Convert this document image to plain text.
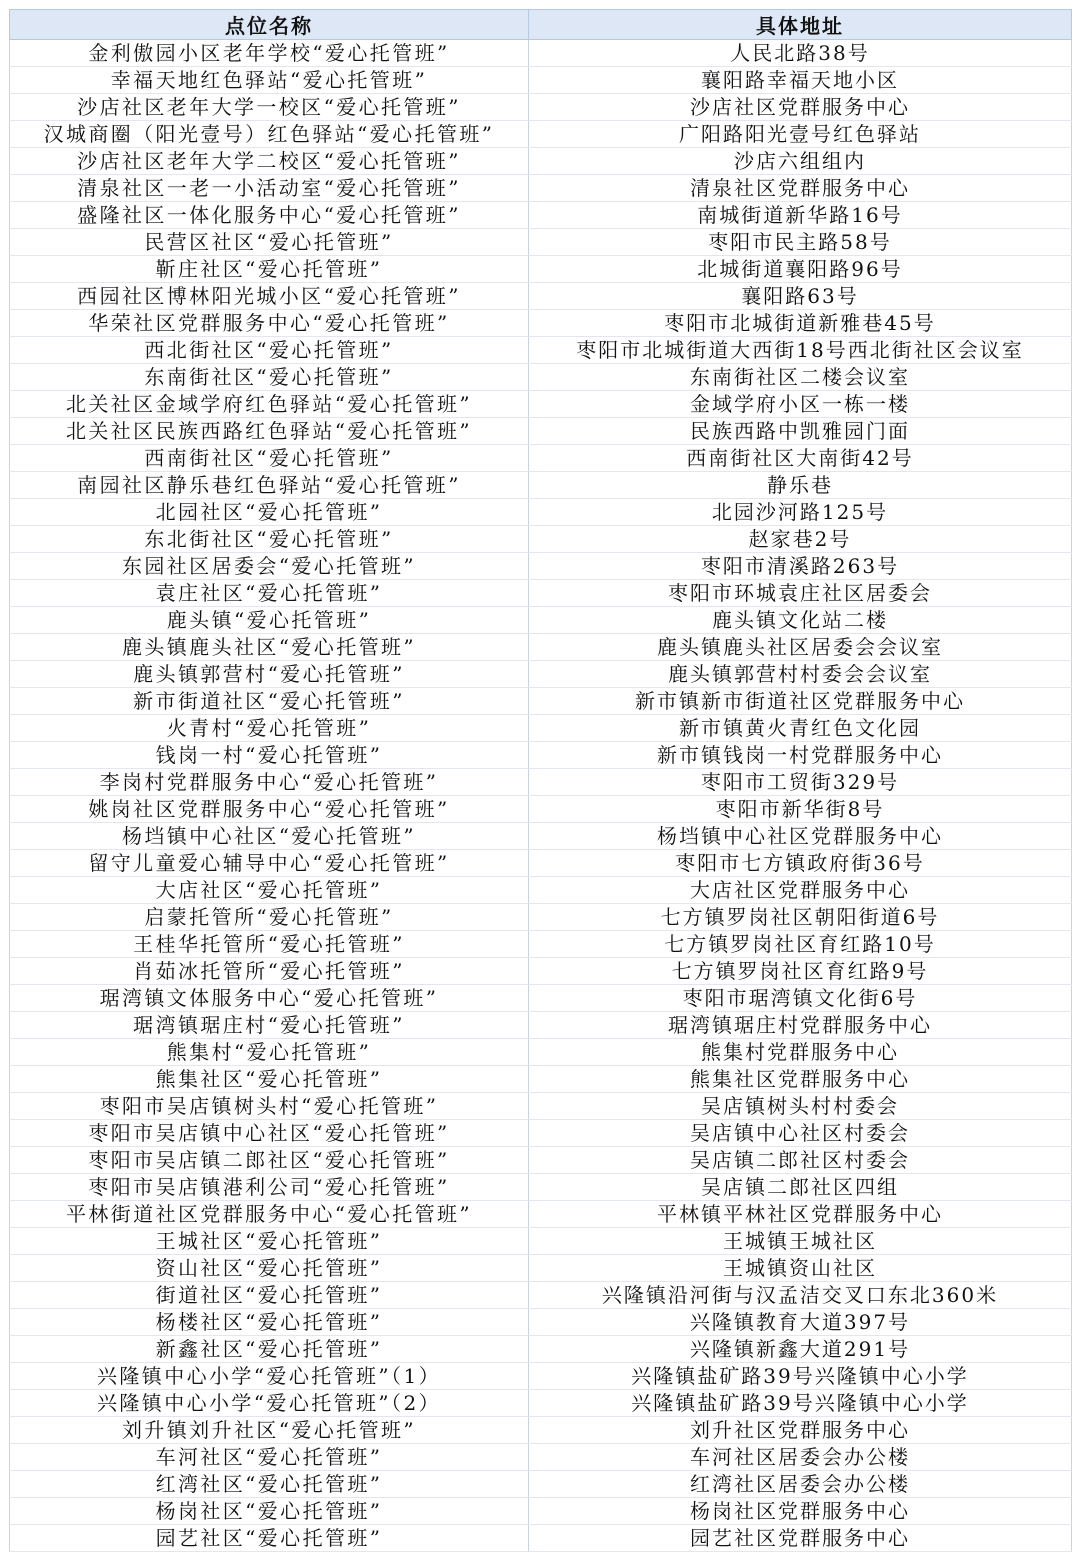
点位名称	具体地址
金利傲园小区老年学校“爱心托管班”	人民北路38号
幸福天地红色驿站“爱心托管班”	襄阳路幸福天地小区
沙店社区老年大学一校区“爱心托管班”	沙店社区党群服务中心
汉城商圈（阳光壹号）红色驿站“爱心托管班”	广阳路阳光壹号红色驿站
沙店社区老年大学二校区“爱心托管班”	沙店六组组内
清泉社区一老一小活动室“爱心托管班”	清泉社区党群服务中心
盛隆社区一体化服务中心“爱心托管班”	南城街道新华路16号
民营区社区“爱心托管班”	枣阳市民主路58号
靳庄社区“爱心托管班”	北城街道襄阳路96号
西园社区博林阳光城小区“爱心托管班”	襄阳路63号
华荣社区党群服务中心“爱心托管班”	枣阳市北城街道新雅巷45号
西北街社区“爱心托管班”	枣阳市北城街道大西街18号西北街社区会议室
东南街社区“爱心托管班”	东南街社区二楼会议室
北关社区金域学府红色驿站“爱心托管班”	金域学府小区一栋一楼
北关社区民族西路红色驿站“爱心托管班”	民族西路中凯雅园门面
西南街社区“爱心托管班”	西南街社区大南街42号
南园社区静乐巷红色驿站“爱心托管班”	静乐巷
北园社区“爱心托管班”	北园沙河路125号
东北街社区“爱心托管班”	赵家巷2号
东园社区居委会“爱心托管班”	枣阳市清溪路263号
袁庄社区“爱心托管班”	枣阳市环城袁庄社区居委会
鹿头镇“爱心托管班”	鹿头镇文化站二楼
鹿头镇鹿头社区“爱心托管班”	鹿头镇鹿头社区居委会会议室
鹿头镇郭营村“爱心托管班”	鹿头镇郭营村村委会会议室
新市街道社区“爱心托管班”	新市镇新市街道社区党群服务中心
火青村“爱心托管班”	新市镇黄火青红色文化园
钱岗一村“爱心托管班”	新市镇钱岗一村党群服务中心
李岗村党群服务中心“爱心托管班”	枣阳市工贸街329号
姚岗社区党群服务中心“爱心托管班”	枣阳市新华街8号
杨垱镇中心社区“爱心托管班”	杨垱镇中心社区党群服务中心
留守儿童爱心辅导中心“爱心托管班”	枣阳市七方镇政府街36号
大店社区“爱心托管班”	大店社区党群服务中心
启蒙托管所“爱心托管班”	七方镇罗岗社区朝阳街道6号
王桂华托管所“爱心托管班”	七方镇罗岗社区育红路10号
肖茹冰托管所“爱心托管班”	七方镇罗岗社区育红路9号
琚湾镇文体服务中心“爱心托管班”	枣阳市琚湾镇文化街6号
琚湾镇琚庄村“爱心托管班”	琚湾镇琚庄村党群服务中心
熊集村“爱心托管班”	熊集村党群服务中心
熊集社区“爱心托管班”	熊集社区党群服务中心
枣阳市吴店镇树头村“爱心托管班”	吴店镇树头村村委会
枣阳市吴店镇中心社区“爱心托管班”	吴店镇中心社区村委会
枣阳市吴店镇二郎社区“爱心托管班”	吴店镇二郎社区村委会
枣阳市吴店镇港利公司“爱心托管班”	吴店镇二郎社区四组
平林街道社区党群服务中心“爱心托管班”	平林镇平林社区党群服务中心
王城社区“爱心托管班”	王城镇王城社区
资山社区“爱心托管班”	王城镇资山社区
街道社区“爱心托管班”	兴隆镇沿河街与汉孟洁交叉口东北360米
杨楼社区“爱心托管班”	兴隆镇教育大道397号
新鑫社区“爱心托管班”	兴隆镇新鑫大道291号
兴隆镇中心小学“爱心托管班”（1）	兴隆镇盐矿路39号兴隆镇中心小学
兴隆镇中心小学“爱心托管班”（2）	兴隆镇盐矿路39号兴隆镇中心小学
刘升镇刘升社区“爱心托管班”	刘升社区党群服务中心
车河社区“爱心托管班”	车河社区居委会办公楼
红湾社区“爱心托管班”	红湾社区居委会办公楼
杨岗社区“爱心托管班”	杨岗社区党群服务中心
园艺社区“爱心托管班”	园艺社区党群服务中心
